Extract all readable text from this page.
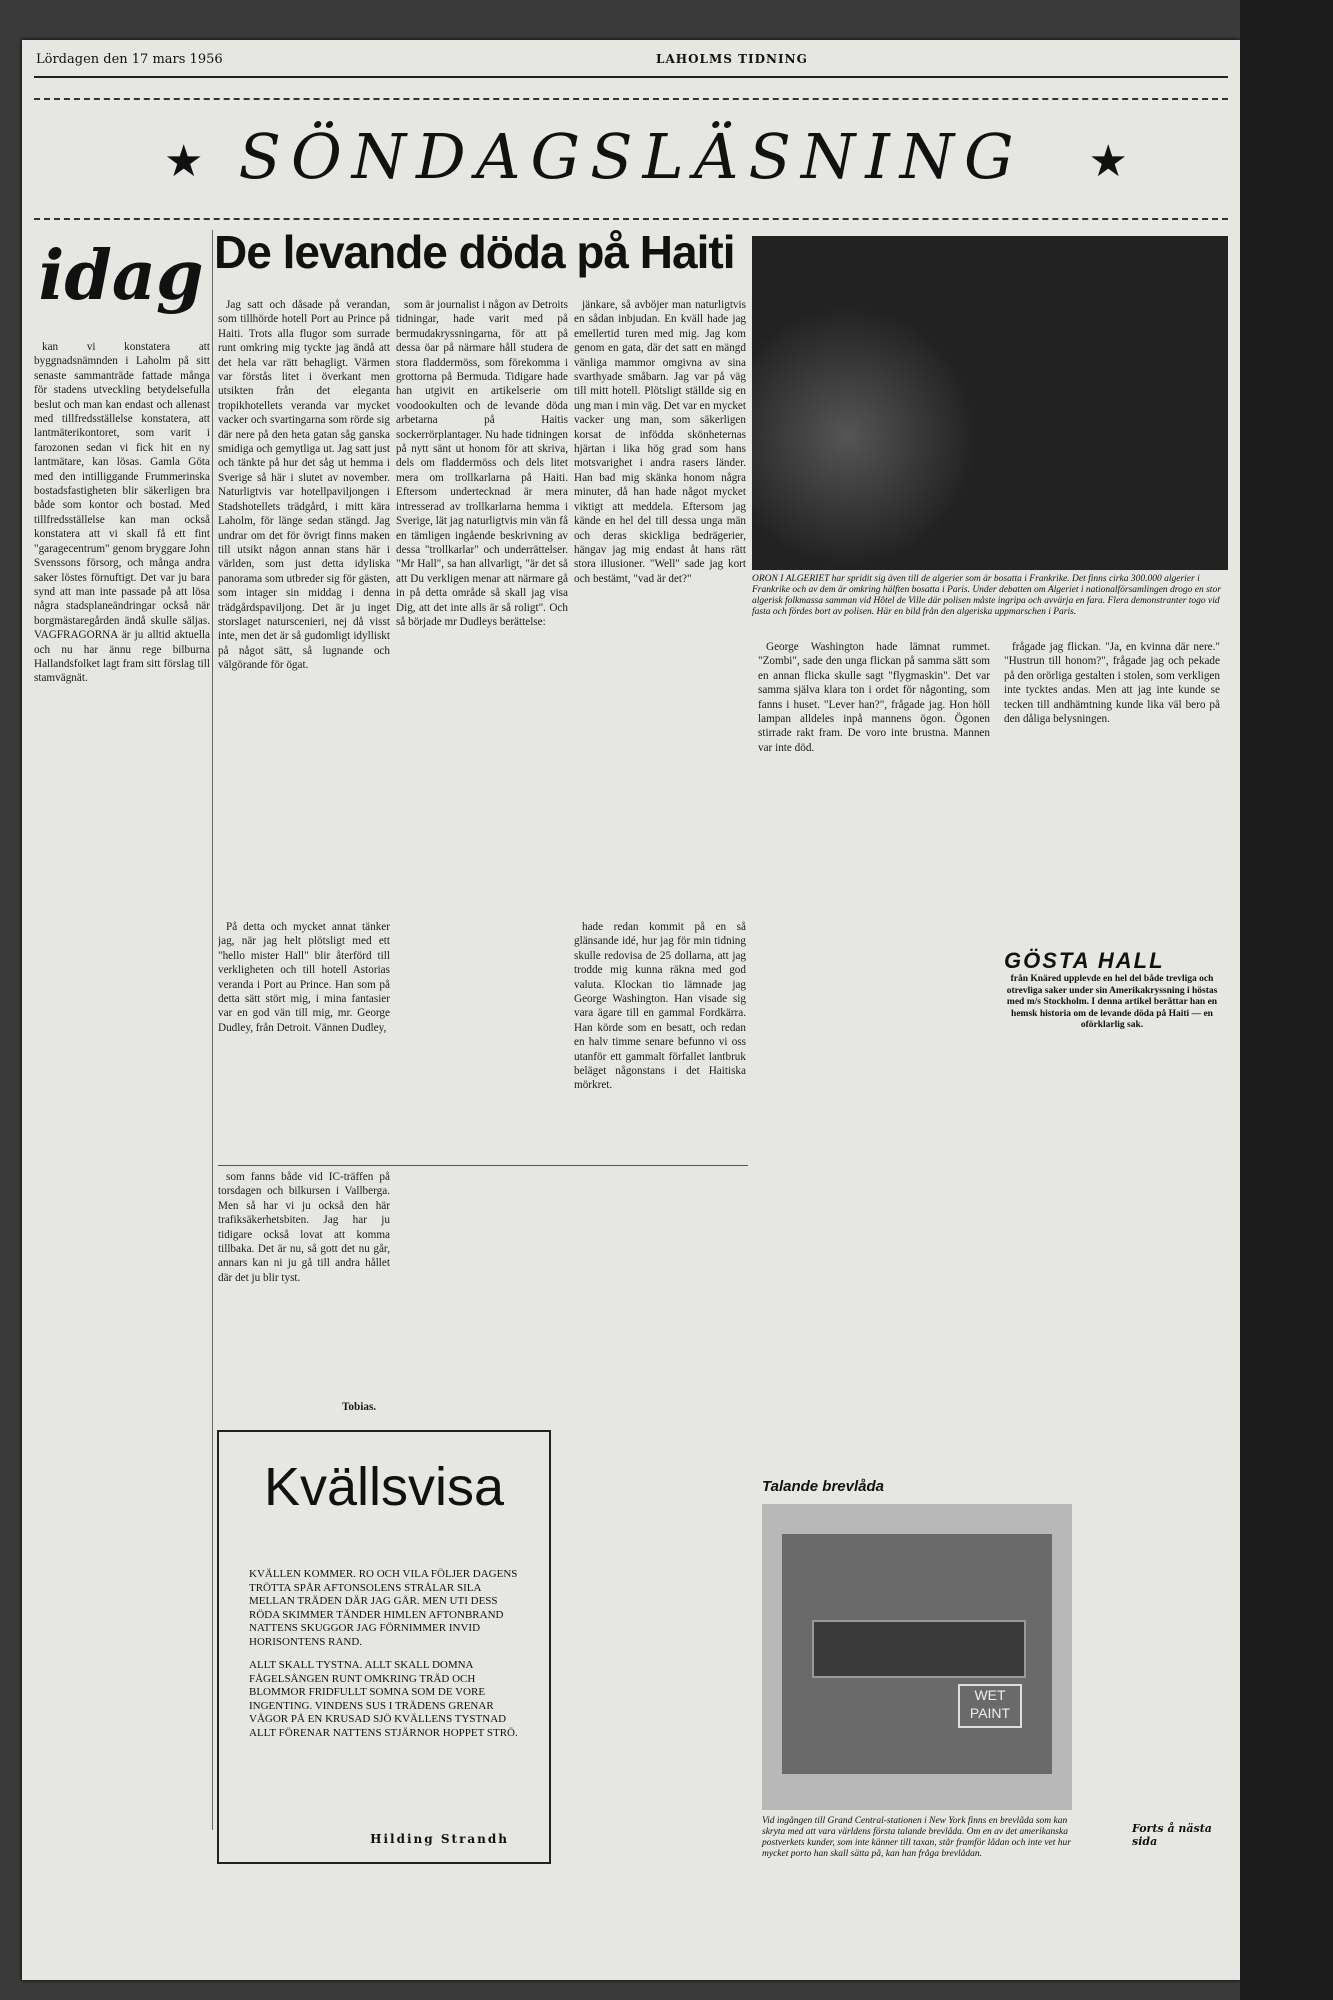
Lördagen den 17 mars 1956	LAHOLMS TIDNING
★ SÖNDAGSLÄSNING	★
idag

kan vi konstatera att byggnadsnämnden i Laholm på sitt senaste sammanträde fattade många för stadens utveckling betydelsefulla beslut och man kan endast och allenast med tillfredsställelse konstatera, att lantmäterikontoret, som varit i farozonen sedan vi fick hit en ny lantmätare, kan lösas. Gamla Göta med den intilliggande Frummerinska bostadsfastigheten blir säkerligen bra både som kontor och bostad. Med tillfredsställelse kan man också konstatera att vi skall få ett fint "garagecentrum" genom bryggare John Svenssons försorg, och många andra saker löstes förnuftigt. Det var ju bara synd att man inte passade på att lösa några stadsplaneändringar också när borgmästaregården ändå skulle säljas. VAGFRAGORNA är ju alltid aktuella och nu har ännu rege bilburna Hallandsfolket lagt fram sitt förslag till stamvägnät.

De levande döda på Haiti
ORON I ALGERIET har spridit sig även till de algerier som är bosatta i Frankrike. Det finns cirka 300.000 algerier i Frankrike och av dem är omkring hälften bosatta i Paris. Under debatten om Algeriet i nationalförsamlingen drogo en stor algerisk folkmassa samman vid Hôtel de Ville där polisen måste ingripa och avvärja en fara. Flera demonstranter togo vid fasta och fördes bort av polisen. Här en bild från den algeriska uppmarschen i Paris.

Jag satt och dåsade på verandan, som tillhörde hotell Port au Prince på Haiti. Trots alla flugor som surrade runt omkring mig tyckte jag ändå att det hela var rätt behagligt. Värmen var förstås litet i överkant men utsikten från det eleganta tropikhotellets veranda var mycket vacker och svartingarna som rörde sig där nere på den heta gatan såg ganska smidiga och gemytliga ut. Jag satt just och tänkte på hur det såg ut hemma i Sverige så här i slutet av november. Naturligtvis var hotellpaviljongen i Stadshotellets trädgård, i mitt kära Laholm, för länge sedan stängd. Jag undrar om det för övrigt finns maken till utsikt någon annan stans här i världen, som just detta idyliska panorama som utbreder sig för gästen, som intager sin middag i denna trädgårdspaviljong. Det är ju inget storslaget naturscenieri, nej då visst inte, men det är så gudomligt idylliskt på något sätt, så lugnande och välgörande för ögat.

På detta och mycket annat tänker jag, när jag helt plötsligt med ett "hello mister Hall" blir återförd till verkligheten och till hotell Astorias veranda i Port au Prince. Han som på detta sätt stört mig, i mina fantasier var en god vän till mig, mr. George Dudley, från Detroit. Vännen Dudley,

som är journalist i någon av Detroits tidningar, hade varit med på bermudakryssningarna, för att på dessa öar på närmare håll studera de stora fladdermöss, som förekomma i grottorna på Bermuda. Tidigare hade han utgivit en artikelserie om voodookulten och de levande döda arbetarna på Haitis sockerrörplantager. Nu hade tidningen på nytt sänt ut honom för att skriva, dels om fladdermöss och dels litet mera om trollkarlarna på Haiti. Eftersom undertecknad är mera intresserad av trollkarlarna hemma i Sverige, lät jag naturligtvis min vän få en tämligen ingående beskrivning av dessa "trollkarlar" och underrättelser. "Mr Hall", sa han allvarligt, "är det så att Du verkligen menar att närmare gå in på detta område så skall jag visa Dig, att det inte alls är så roligt". Och så började mr Dudleys berättelse:

jänkare, så avböjer man naturligtvis en sådan inbjudan. En kväll hade jag emellertid turen med mig. Jag kom genom en gata, där det satt en mängd vänliga mammor omgivna av sina svarthyade småbarn. Jag var på väg till mitt hotell. Plötsligt ställde sig en ung man i min väg. Det var en mycket vacker ung man, som säkerligen korsat de infödda skönheternas hjärtan i lika hög grad som hans motsvarighet i andra rasers länder. Han bad mig skänka honom några minuter, då han hade något mycket viktigt att meddela. Eftersom jag kände en hel del till dessa unga män och deras skickliga bedrägerier, hängav jag mig endast åt hans rätt stora illusioner. "Well" sade jag kort och bestämt, "vad är det?"

som fanns både vid IC-träffen på torsdagen och bilkursen i Vallberga. Men så har vi ju också den här trafiksäkerhetsbiten. Jag har ju tidigare också lovat att komma tillbaka. Det är nu, så gott det nu går, annars kan ni ju gå till andra hållet där det ju blir tyst.

Tobias.
Kvällsvisa

KVÄLLEN KOMMER. RO OCH VILA FÖLJER DAGENS TRÖTTA SPÅR AFTONSOLENS STRÅLAR SILA MELLAN TRÄDEN DÄR JAG GÅR. MEN UTI DESS RÖDA SKIMMER TÄNDER HIMLEN AFTONBRAND NATTENS SKUGGOR JAG FÖRNIMMER INVID HORISONTENS RAND.

ALLT SKALL TYSTNA. ALLT SKALL DOMNA FÅGELSÅNGEN RUNT OMKRING TRÄD OCH BLOMMOR FRIDFULLT SOMNA SOM DE VORE INGENTING. VINDENS SUS I TRÄDENS GRENAR VÅGOR PÅ EN KRUSAD SJÖ KVÄLLENS TYSTNAD ALLT FÖRENAR NATTENS STJÄRNOR HOPPET STRÖ.

Hilding Strandh

hade redan kommit på en så glänsande idé, hur jag för min tidning skulle redovisa de 25 dollarna, att jag trodde mig kunna räkna med god valuta. Klockan tio lämnade jag George Washington. Han visade sig vara ägare till en gammal Fordkärra. Han körde som en besatt, och redan en halv timme senare befunno vi oss utanför ett gammalt förfallet lantbruk beläget någonstans i det Haitiska mörkret.

George Washington hade lämnat rummet. "Zombi", sade den unga flickan på samma sätt som en annan flicka skulle sagt "flygmaskin". Det var samma själva klara ton i ordet för någonting, som fanns i huset. "Lever han?", frågade jag. Hon höll lampan alldeles inpå mannens ögon. Ögonen stirrade rakt fram. De voro inte brustna. Mannen var inte död.

GÖSTA HALL
från Knäred upplevde en hel del både trevliga och otrevliga saker under sin Amerikakryssning i höstas med m/s Stockholm. I denna artikel berättar han en hemsk historia om de levande döda på Haiti — en oförklarlig sak.

frågade jag flickan. "Ja, en kvinna där nere." "Hustrun till honom?", frågade jag och pekade på den orörliga gestalten i stolen, som verkligen inte tycktes andas. Men att jag inte kunde se tecken till andhämtning kunde lika väl bero på den dåliga belysningen.

Talande brevlåda
WET PAINT
Vid ingången till Grand Central-stationen i New York finns en brevlåda som kan skryta med att vara världens första talande brevlåda. Om en av det amerikanska postverkets kunder, som inte känner till taxan, står framför lådan och inte vet hur mycket porto han skall sätta på, kan han fråga brevlådan.
Forts å nästa sida
